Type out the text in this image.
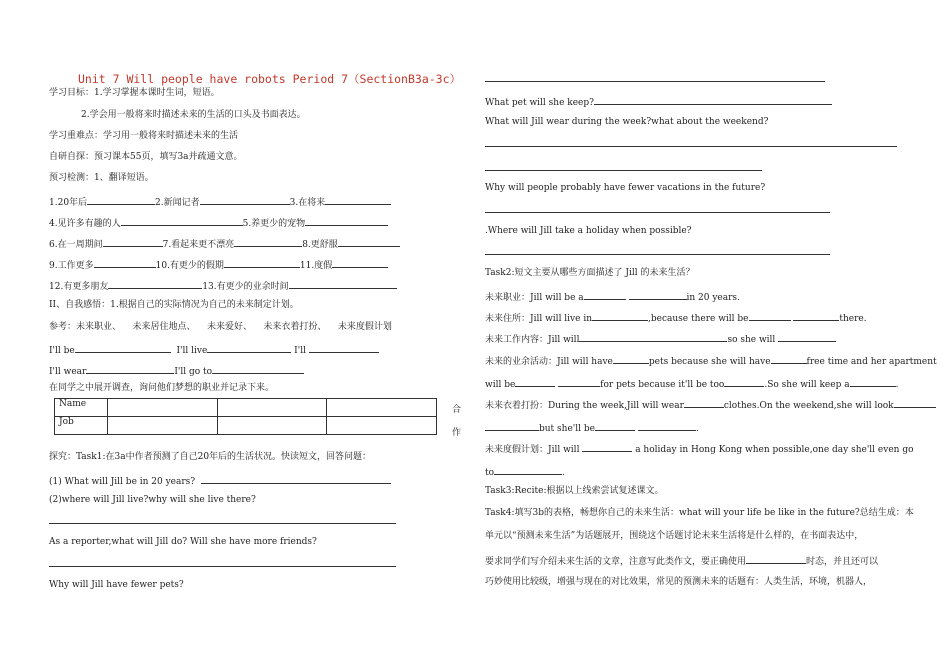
Unit 7 Will people have robots Period 7（SectionB3a-3c）
学习目标：1.学习掌握本课时生词，短语。
2.学会用一般将来时描述未来的生活的口头及书面表达。
学习重难点：学习用一般将来时描述未来的生活
自研自探：预习课本55页，填写3a并疏通文意。
预习检测：1、翻译短语。
1.20年后	2.新闻记者	3.在将来
4.见许多有趣的人	5.养更少的宠物
6.在一周期间	7.看起来更不漂亮	8.更舒服
9.工作更多	10.有更少的假期	11.度假
12.有更多朋友	13.有更少的业余时间
II、自我感悟：1.根据自己的实际情况为自己的未来制定计划。
参考：未来职业、 未来居住地点、 未来爱好、 未来衣着打扮、 未来度假计划
I'll be	I'll live	I'll
I'll wear	I'll go to
在同学之中展开调查，询问他们梦想的职业并记录下来。
Name			
Job			
合
作
探究：Task1:在3a中作者预测了自己20年后的生活状况。快读短文，回答问题：
(1) What will Jill be in 20 years?
(2)where will Jill live?why will she live there?
As a reporter,what will Jill do? Will she have more friends?
Why will Jill have fewer pets?
What pet will she keep?
What will Jill wear during the week?what about the weekend?
Why will people probably have fewer vacations in the future?
.Where will Jill take a holiday when possible?
Task2:短文主要从哪些方面描述了 Jill 的未来生活？
未来职业：Jill will be a	in 20 years.
未来住所：Jill will live in	,because there will be	there.
未来工作内容：Jill will	so she will
未来的业余活动：Jill will have	pets because she will have	free time and her apartment
will be	for pets because it'll be too	.So she will keep a	.
未来衣着打扮：During the week,Jill will wear	clothes.On the weekend,she will look
but she'll be	.
未来度假计划：Jill will	a holiday in Hong Kong when possible,one day she'll even go
to	.
Task3:Recite:根据以上线索尝试复述课文。
Task4:填写3b的表格，畅想你自己的未来生活：what will your life be like in the future?总结生成：本
单元以“预测未来生活”为话题展开，围绕这个话题讨论未来生活将是什么样的，在书面表达中，
要求同学们写介绍未来生活的文章，注意写此类作文，要正确使用	时态，并且还可以
巧妙使用比较级，增强与现在的对比效果，常见的预测未来的话题有：人类生活，环境，机器人，
